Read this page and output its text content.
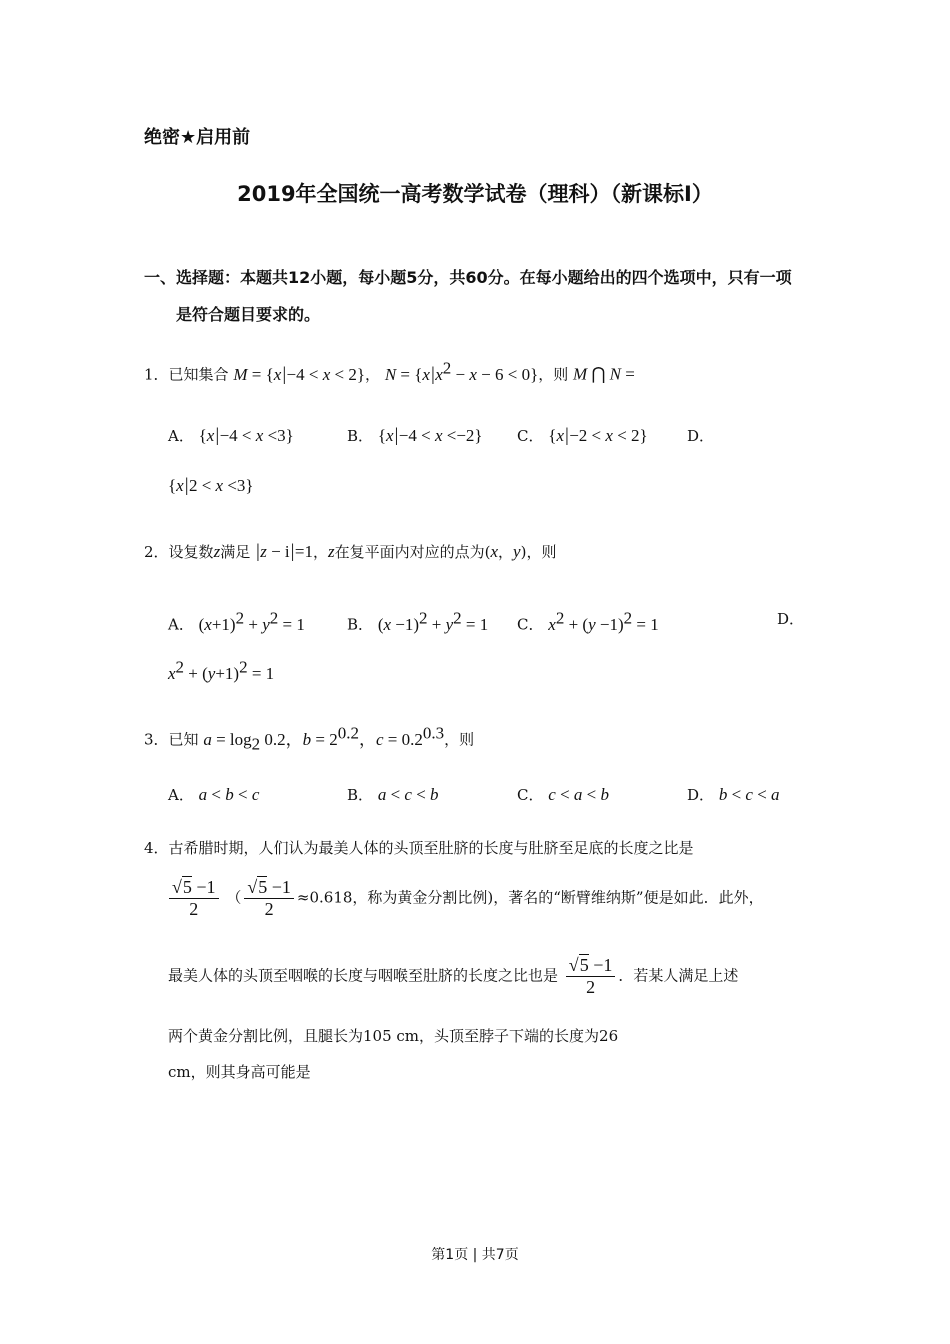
绝密★启用前
2019年全国统一高考数学试卷（理科）（新课标Ⅰ）
一、选择题：本题共12小题，每小题5分，共60分。在每小题给出的四个选项中，只有一项
是符合题目要求的。
1．已知集合 M = {x|−4 < x < 2}， $N = \{x|x^2 - x - 6 < 0\}$，则 M ⋂ N =
A． {x|−4 < x <3}	B． {x|−4 < x <−2} C． {x|−2 < x < 2}	D．
{x|2 < x <3}
2．设复数z满足 |z − i|=1，z在复平面内对应的点为(x，y)，则
A． $(x+1)^2 + y^2 = 1$	B． $(x -1)^2 + y^2 = 1$ C． $x^2 + (y -1)^2 = 1$	D．
$x^2 + (y+1)^2 = 1$
3．已知 $a = \log_2 0.2$，$b = 2^{0.2}$，$c = 0.2^{0.3}$，则
A． a < b < c	B． a < c < b	C． c < a < b	D． b < c < a
4．古希腊时期，人们认为最美人体的头顶至肚脐的长度与肚脐至足底的长度之比是
$\frac{√5 -1}{2}$ （ $\frac{√5 -1}{2} \approx 0.618$，称为黄金分割比例)，著名的“断臂维纳斯”便是如此．此外，
最美人体的头顶至咽喉的长度与咽喉至肚脐的长度之比也是 $\frac{√5 -1}{2}$ ．若某人满足上述
两个黄金分割比例，且腿长为105 cm，头顶至脖子下端的长度为26
cm，则其身高可能是
第1页 | 共7页
